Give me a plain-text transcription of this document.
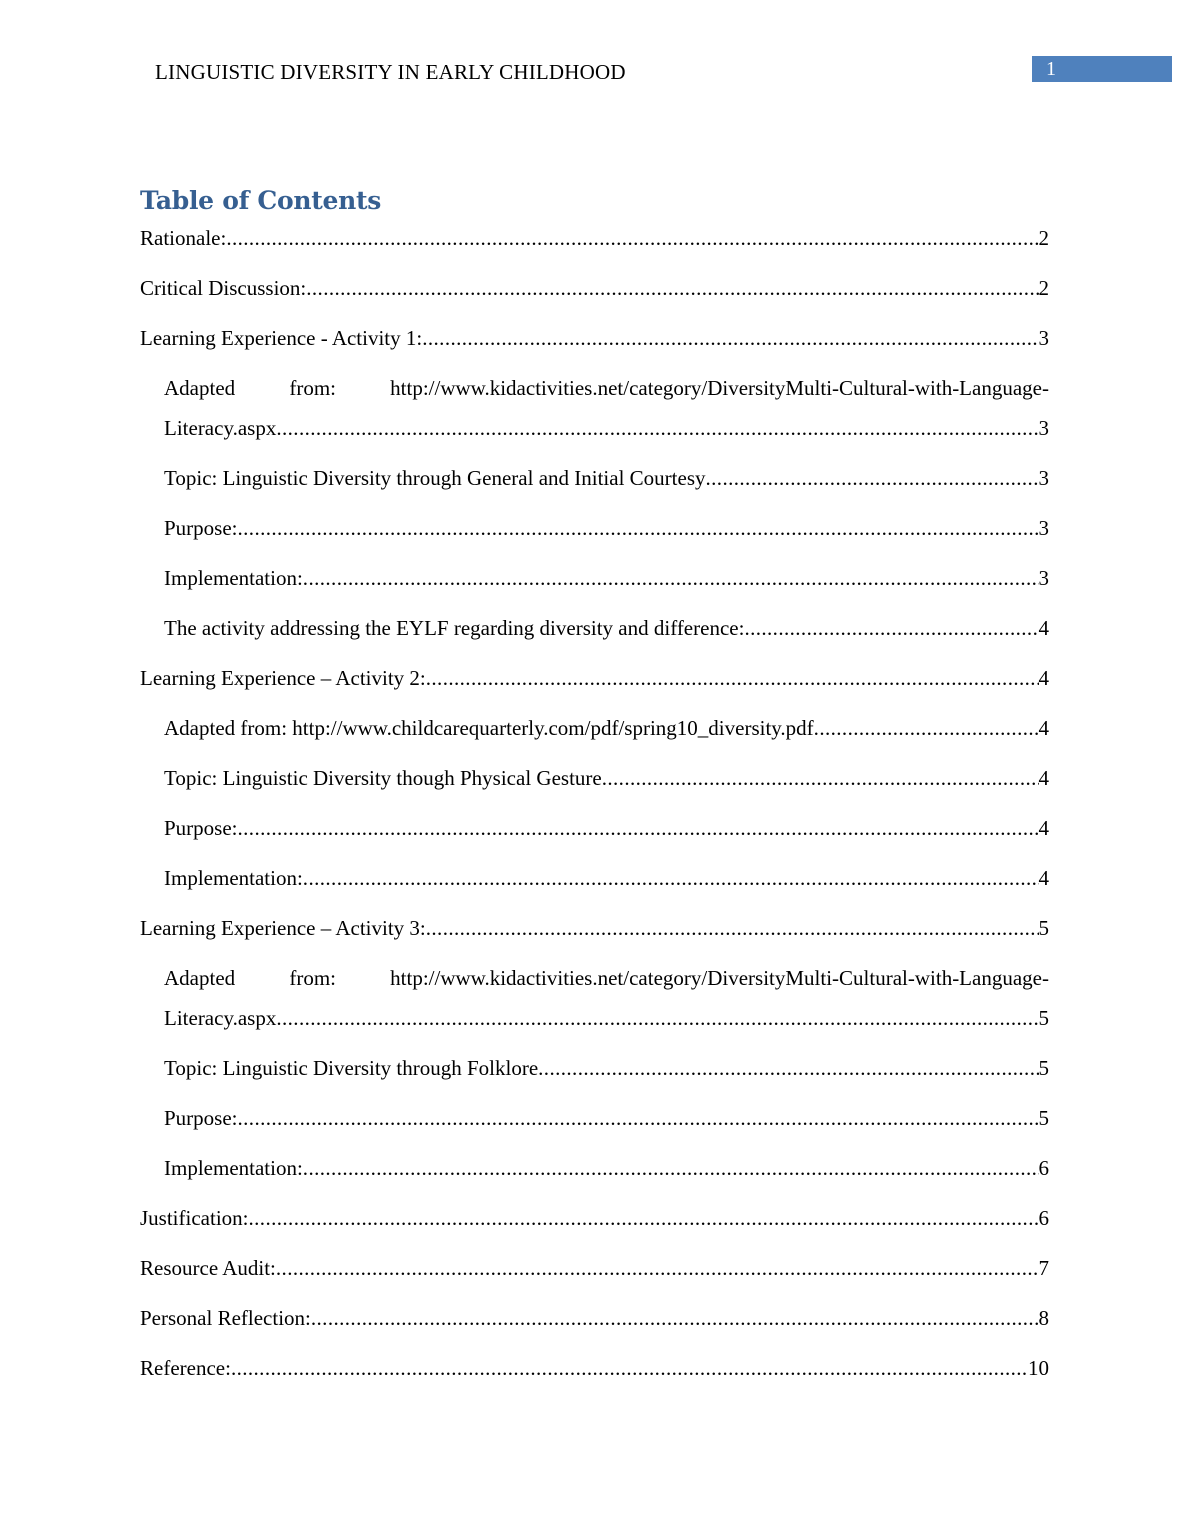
LINGUISTIC DIVERSITY IN EARLY CHILDHOOD	1
Table of Contents
Rationale: .....	2
Critical Discussion: .....	2
Learning Experience - Activity 1: .....	3
Adapted	from:	http://www.kidactivities.net/category/DiversityMulti-Cultural-with-Language-
Literacy.aspx .....	3
Topic: Linguistic Diversity through General and Initial Courtesy .....	3
Purpose: .....	3
Implementation: .....	3
The activity addressing the EYLF regarding diversity and difference: .....	4
Learning Experience – Activity 2: .....	4
Adapted from: http://www.childcarequarterly.com/pdf/spring10_diversity.pdf .....	4
Topic: Linguistic Diversity though Physical Gesture .....	4
Purpose: .....	4
Implementation: .....	4
Learning Experience – Activity 3: .....	5
Adapted	from:	http://www.kidactivities.net/category/DiversityMulti-Cultural-with-Language-
Literacy.aspx .....	5
Topic: Linguistic Diversity through Folklore .....	5
Purpose: .....	5
Implementation: .....	6
Justification: .....	6
Resource Audit: .....	7
Personal Reflection: .....	8
Reference: .....	10
